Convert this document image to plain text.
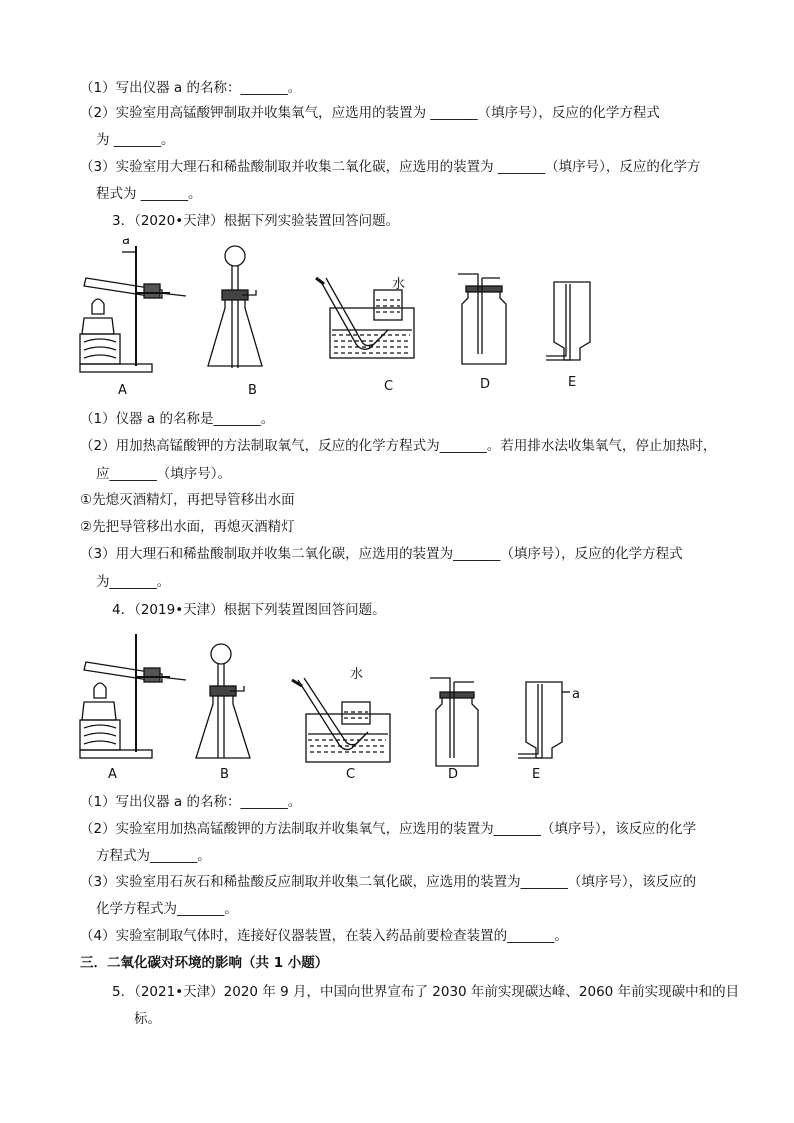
（1）写出仪器 a 的名称：_______。
（2）实验室用高锰酸钾制取并收集氧气，应选用的装置为 _______（填序号），反应的化学方程式
为 _______。
（3）实验室用大理石和稀盐酸制取并收集二氧化碳，应选用的装置为 _______（填序号），反应的化学方
程式为 _______。
3．（2020•天津）根据下列实验装置回答问题。
a
水
A	B	C	D	E
（1）仪器 a 的名称是_______。
（2）用加热高锰酸钾的方法制取氧气，反应的化学方程式为_______。若用排水法收集氧气，停止加热时，
应_______（填序号）。
①先熄灭酒精灯，再把导管移出水面
②先把导管移出水面，再熄灭酒精灯
（3）用大理石和稀盐酸制取并收集二氧化碳，应选用的装置为_______（填序号），反应的化学方程式
为_______。
4．（2019•天津）根据下列装置图回答问题。
a
水
A	B	C	D	E
（1）写出仪器 a 的名称：_______。
（2）实验室用加热高锰酸钾的方法制取并收集氧气，应选用的装置为_______（填序号），该反应的化学
方程式为_______。
（3）实验室用石灰石和稀盐酸反应制取并收集二氧化碳，应选用的装置为_______（填序号），该反应的
化学方程式为_______。
（4）实验室制取气体时，连接好仪器装置，在装入药品前要检查装置的_______。
三．二氧化碳对环境的影响（共 1 小题）
5．（2021•天津）2020 年 9 月，中国向世界宣布了 2030 年前实现碳达峰、2060 年前实现碳中和的目
标。
